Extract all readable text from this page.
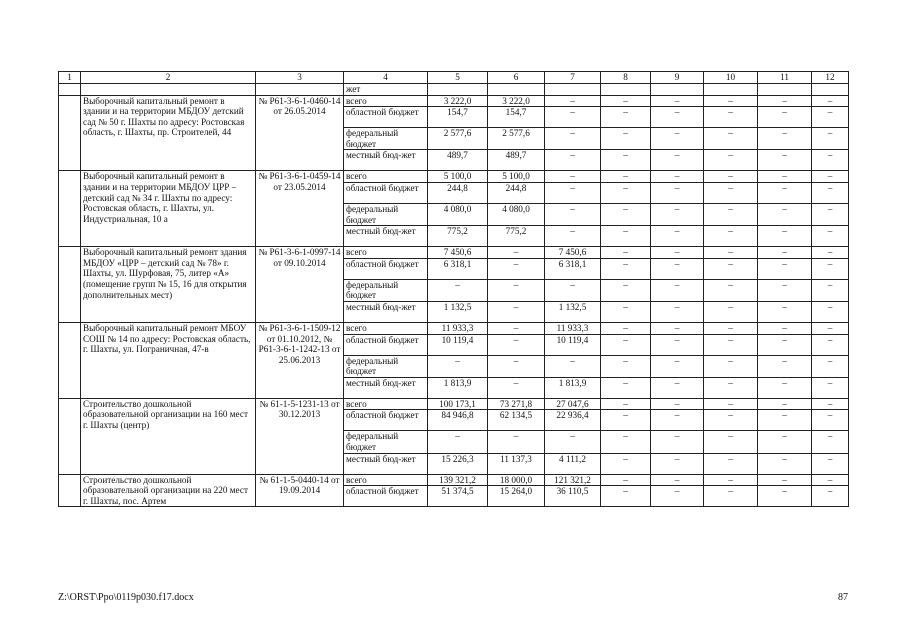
1	2	3	4	5	6	7	8	9	10	11	12
			жет								
	Выборочный капитальный ремонт в здании и на территории МБДОУ детский сад № 50 г. Шахты по адресу: Ростовская область, г. Шахты, пр. Строителей, 44	№ Р61-3-6-1-0460-14 от 26.05.2014	всего	3 222,0	3 222,0	–	–	–	–	–	–
			областной бюджет	154,7	154,7	–	–	–	–	–	–
			федеральный бюджет	2 577,6	2 577,6	–	–	–	–	–	–
			местный бюд-жет	489,7	489,7	–	–	–	–	–	–
	Выборочный капитальный ремонт в здании и на территории МБДОУ ЦРР – детский сад № 34 г. Шахты по адресу: Ростовская область, г. Шахты, ул. Индустриальная, 10 а	№ Р61-3-6-1-0459-14 от 23.05.2014	всего	5 100,0	5 100,0	–	–	–	–	–	–
			областной бюджет	244,8	244,8	–	–	–	–	–	–
			федеральный бюджет	4 080,0	4 080,0	–	–	–	–	–	–
			местный бюд-жет	775,2	775,2	–	–	–	–	–	–
	Выборочный капитальный ремонт здания МБДОУ «ЦРР – детский сад № 78» г. Шахты, ул. Шурфовая, 75, литер «А» (помещение групп № 15, 16 для открытия дополнительных мест)	№ Р61-3-6-1-0997-14 от 09.10.2014	всего	7 450,6	–	7 450,6	–	–	–	–	–
			областной бюджет	6 318,1	–	6 318,1	–	–	–	–	–
			федеральный бюджет	–	–	–	–	–	–	–	–
			местный бюд-жет	1 132,5	–	1 132,5	–	–	–	–	–
	Выборочный капитальный ремонт МБОУ СОШ № 14 по адресу: Ростовская область, г. Шахты, ул. Пограничная, 47-в	№ Р61-3-6-1-1509-12 от 01.10.2012, № Р61-3-6-1-1242-13 от 25.06.2013	всего	11 933,3	–	11 933,3	–	–	–	–	–
			областной бюджет	10 119,4	–	10 119,4	–	–	–	–	–
			федеральный бюджет	–	–	–	–	–	–	–	–
			местный бюд-жет	1 813,9	–	1 813,9	–	–	–	–	–
	Строительство дошкольной образовательной организации на 160 мест г. Шахты (центр)	№ 61-1-5-1231-13 от 30.12.2013	всего	100 173,1	73 271,8	27 047,6	–	–	–	–	–
			областной бюджет	84 946,8	62 134,5	22 936,4	–	–	–	–	–
			федеральный бюджет	–	–	–	–	–	–	–	–
			местный бюд-жет	15 226,3	11 137,3	4 111,2	–	–	–	–	–
	Строительство дошкольной образовательной организации на 220 мест г. Шахты, пос. Артем	№ 61-1-5-0440-14 от 19.09.2014	всего	139 321,2	18 000,0	121 321,2	–	–	–	–	–
			областной бюджет	51 374,5	15 264,0	36 110,5	–	–	–	–	–
Z:\ORST\Ppo\0119p030.f17.docx	87
